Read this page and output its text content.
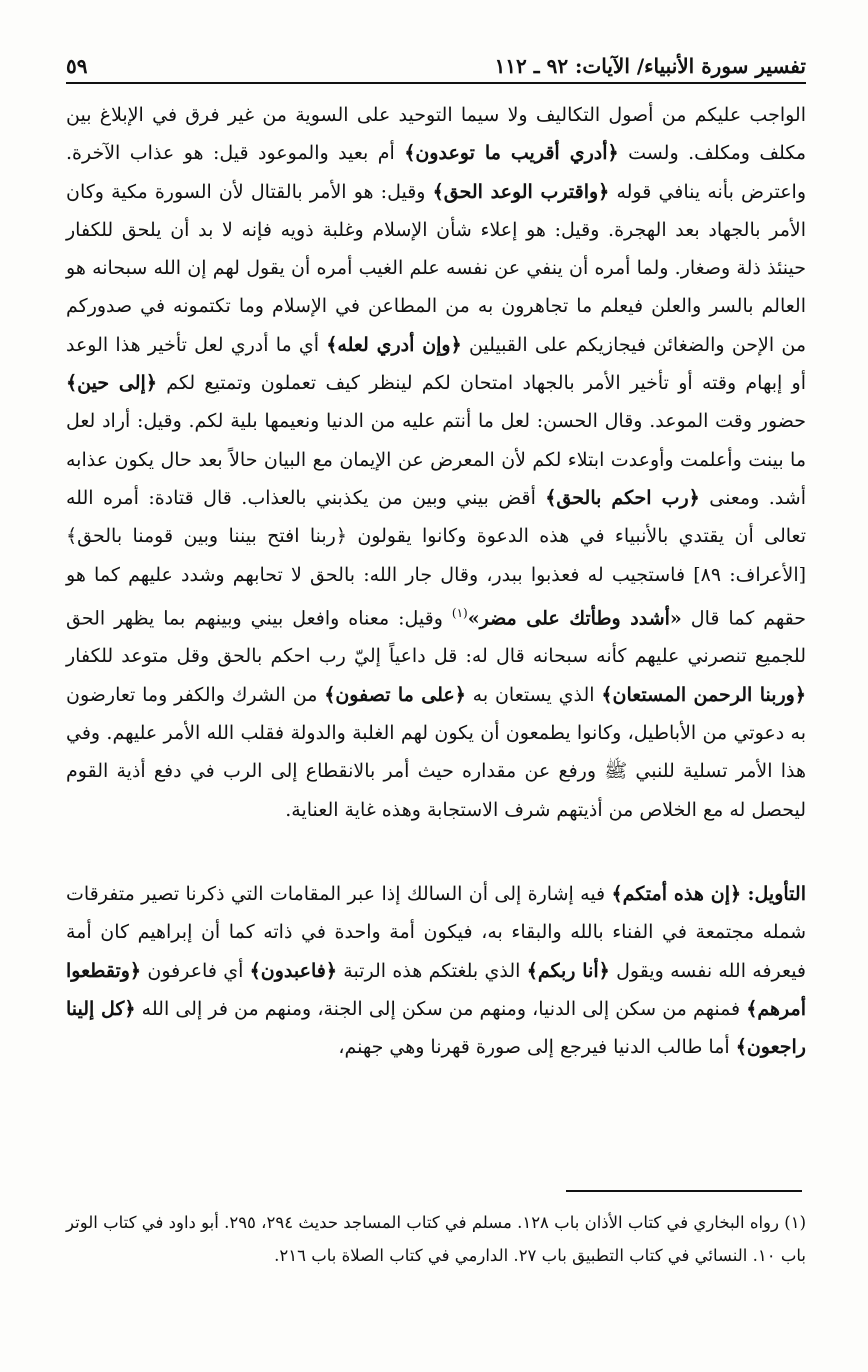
تفسير سورة الأنبياء/ الآيات: ٩٢ ـ ١١٢
٥٩

الواجب عليكم من أصول التكاليف ولا سيما التوحيد على السوية من غير فرق في الإبلاغ بين مكلف ومكلف. ولست ﴿أدري أقريب ما توعدون﴾ أم بعيد والموعود قيل: هو عذاب الآخرة. واعترض بأنه ينافي قوله ﴿واقترب الوعد الحق﴾ وقيل: هو الأمر بالقتال لأن السورة مكية وكان الأمر بالجهاد بعد الهجرة. وقيل: هو إعلاء شأن الإسلام وغلبة ذويه فإنه لا بد أن يلحق للكفار حينئذ ذلة وصغار. ولما أمره أن ينفي عن نفسه علم الغيب أمره أن يقول لهم إن الله سبحانه هو العالم بالسر والعلن فيعلم ما تجاهرون به من المطاعن في الإسلام وما تكتمونه في صدوركم من الإحن والضغائن فيجازيكم على القبيلين ﴿وإن أدري لعله﴾ أي ما أدري لعل تأخير هذا الوعد أو إبهام وقته أو تأخير الأمر بالجهاد امتحان لكم لينظر كيف تعملون وتمتيع لكم ﴿إلى حين﴾ حضور وقت الموعد. وقال الحسن: لعل ما أنتم عليه من الدنيا ونعيمها بلية لكم. وقيل: أراد لعل ما بينت وأعلمت وأوعدت ابتلاء لكم لأن المعرض عن الإيمان مع البيان حالاً بعد حال يكون عذابه أشد. ومعنى ﴿رب احكم بالحق﴾ أقض بيني وبين من يكذبني بالعذاب. قال قتادة: أمره الله تعالى أن يقتدي بالأنبياء في هذه الدعوة وكانوا يقولون ﴿ربنا افتح بيننا وبين قومنا بالحق﴾ [الأعراف: ٨٩] فاستجيب له فعذبوا ببدر، وقال جار الله: بالحق لا تحابهم وشدد عليهم كما هو حقهم كما قال «أشدد وطأتك على مضر»$^{(١)}$ وقيل: معناه وافعل بيني وبينهم بما يظهر الحق للجميع تنصرني عليهم كأنه سبحانه قال له: قل داعياً إليّ رب احكم بالحق وقل متوعد للكفار ﴿وربنا الرحمن المستعان﴾ الذي يستعان به ﴿على ما تصفون﴾ من الشرك والكفر وما تعارضون به دعوتي من الأباطيل، وكانوا يطمعون أن يكون لهم الغلبة والدولة فقلب الله الأمر عليهم. وفي هذا الأمر تسلية للنبي ﷺ ورفع عن مقداره حيث أمر بالانقطاع إلى الرب في دفع أذية القوم ليحصل له مع الخلاص من أذيتهم شرف الاستجابة وهذه غاية العناية.

التأويل: ﴿إن هذه أمتكم﴾ فيه إشارة إلى أن السالك إذا عبر المقامات التي ذكرنا تصير متفرقات شمله مجتمعة في الفناء بالله والبقاء به، فيكون أمة واحدة في ذاته كما أن إبراهيم كان أمة فيعرفه الله نفسه ويقول ﴿أنا ربكم﴾ الذي بلغتكم هذه الرتبة ﴿فاعبدون﴾ أي فاعرفون ﴿وتقطعوا أمرهم﴾ فمنهم من سكن إلى الدنيا، ومنهم من سكن إلى الجنة، ومنهم من فر إلى الله ﴿كل إلينا راجعون﴾ أما طالب الدنيا فيرجع إلى صورة قهرنا وهي جهنم،

(١) رواه البخاري في كتاب الأذان باب ١٢٨. مسلم في كتاب المساجد حديث ٢٩٤، ٢٩٥. أبو داود في كتاب الوتر باب ١٠. النسائي في كتاب التطبيق باب ٢٧. الدارمي في كتاب الصلاة باب ٢١٦.
